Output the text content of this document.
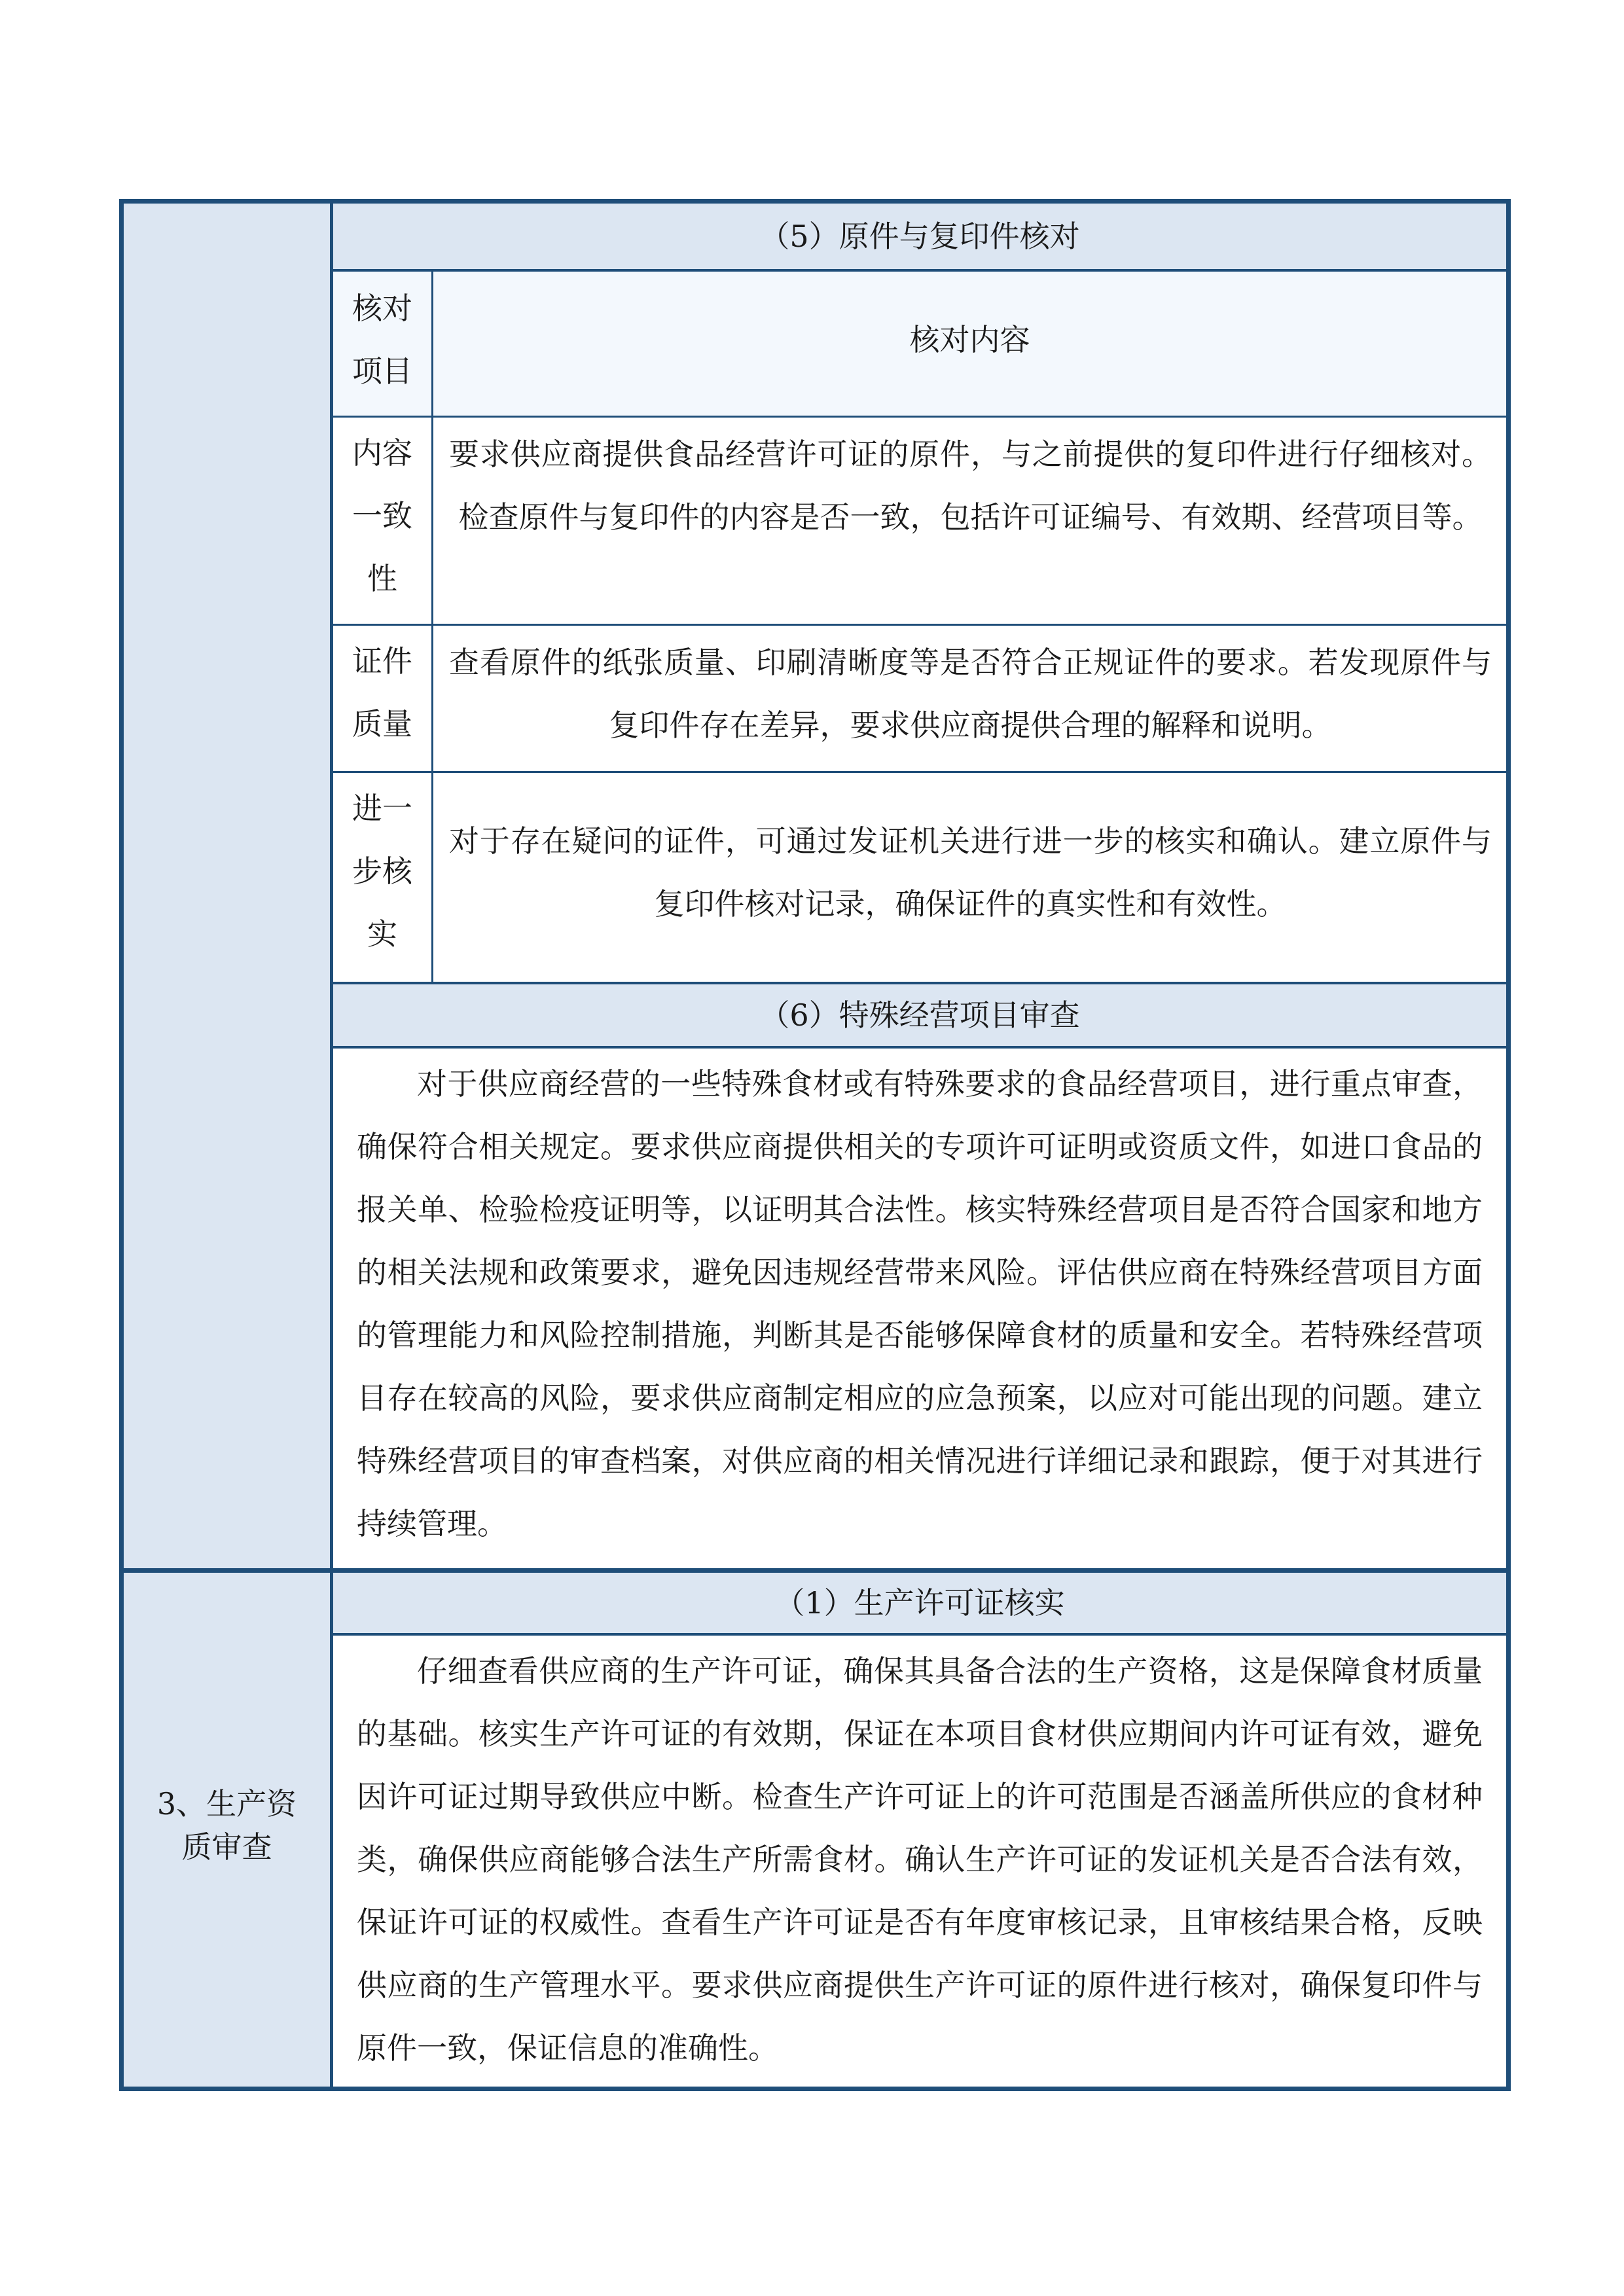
3、生产资
质审查
（5）原件与复印件核对
核对
项目
核对内容
内容
一致
性
要求供应商提供食品经营许可证的原件，与之前提供的复印件进行仔细核对。检查原件与复印件的内容是否一致，包括许可证编号、有效期、经营项目等。
证件
质量
查看原件的纸张质量、印刷清晰度等是否符合正规证件的要求。若发现原件与复印件存在差异，要求供应商提供合理的解释和说明。
进一
步核
实
对于存在疑问的证件，可通过发证机关进行进一步的核实和确认。建立原件与复印件核对记录，确保证件的真实性和有效性。
（6）特殊经营项目审查
对于供应商经营的一些特殊食材或有特殊要求的食品经营项目，进行重点审查，确保符合相关规定。要求供应商提供相关的专项许可证明或资质文件，如进口食品的报关单、检验检疫证明等，以证明其合法性。核实特殊经营项目是否符合国家和地方的相关法规和政策要求，避免因违规经营带来风险。评估供应商在特殊经营项目方面的管理能力和风险控制措施，判断其是否能够保障食材的质量和安全。若特殊经营项目存在较高的风险，要求供应商制定相应的应急预案，以应对可能出现的问题。建立特殊经营项目的审查档案，对供应商的相关情况进行详细记录和跟踪，便于对其进行持续管理。
（1）生产许可证核实
仔细查看供应商的生产许可证，确保其具备合法的生产资格，这是保障食材质量的基础。核实生产许可证的有效期，保证在本项目食材供应期间内许可证有效，避免因许可证过期导致供应中断。检查生产许可证上的许可范围是否涵盖所供应的食材种类，确保供应商能够合法生产所需食材。确认生产许可证的发证机关是否合法有效，保证许可证的权威性。查看生产许可证是否有年度审核记录，且审核结果合格，反映供应商的生产管理水平。要求供应商提供生产许可证的原件进行核对，确保复印件与原件一致，保证信息的准确性。
